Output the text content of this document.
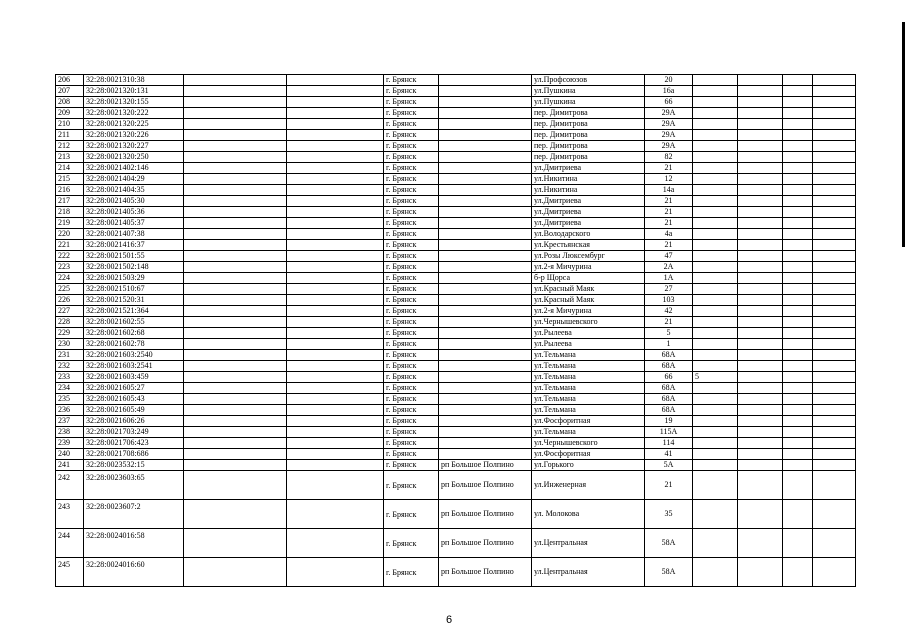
206	32:28:0021310:38			г. Брянск		ул.Профсоюзов	20				
207	32:28:0021320:131			г. Брянск		ул.Пушкина	16а				
208	32:28:0021320:155			г. Брянск		ул.Пушкина	66				
209	32:28:0021320:222			г. Брянск		пер. Димитрова	29А				
210	32:28:0021320:225			г. Брянск		пер. Димитрова	29А				
211	32:28:0021320:226			г. Брянск		пер. Димитрова	29А				
212	32:28:0021320:227			г. Брянск		пер. Димитрова	29А				
213	32:28:0021320:250			г. Брянск		пер. Димитрова	82				
214	32:28:0021402:146			г. Брянск		ул.Дмитриева	21				
215	32:28:0021404:29			г. Брянск		ул.Никитина	12				
216	32:28:0021404:35			г. Брянск		ул.Никитина	14а				
217	32:28:0021405:30			г. Брянск		ул.Дмитриева	21				
218	32:28:0021405:36			г. Брянск		ул.Дмитриева	21				
219	32:28:0021405:37			г. Брянск		ул.Дмитриева	21				
220	32:28:0021407:38			г. Брянск		ул.Володарского	4а				
221	32:28:0021416:37			г. Брянск		ул.Крестьянская	21				
222	32:28:0021501:55			г. Брянск		ул.Розы Люксембург	47				
223	32:28:0021502:148			г. Брянск		ул.2-я Мичурина	2А				
224	32:28:0021503:29			г. Брянск		б-р Щорса	1А				
225	32:28:0021510:67			г. Брянск		ул.Красный Маяк	27				
226	32:28:0021520:31			г. Брянск		ул.Красный Маяк	103				
227	32:28:0021521:364			г. Брянск		ул.2-я Мичурина	42				
228	32:28:0021602:55			г. Брянск		ул.Чернышевского	21				
229	32:28:0021602:68			г. Брянск		ул.Рылеева	5				
230	32:28:0021602:78			г. Брянск		ул.Рылеева	1				
231	32:28:0021603:2540			г. Брянск		ул.Тельмана	68А				
232	32:28:0021603:2541			г. Брянск		ул.Тельмана	68А				
233	32:28:0021603:459			г. Брянск		ул.Тельмана	66	5			
234	32:28:0021605:27			г. Брянск		ул.Тельмана	68А				
235	32:28:0021605:43			г. Брянск		ул.Тельмана	68А				
236	32:28:0021605:49			г. Брянск		ул.Тельмана	68А				
237	32:28:0021606:26			г. Брянск		ул.Фосфоритная	19				
238	32:28:0021703:249			г. Брянск		ул.Тельмана	115А				
239	32:28:0021706:423			г. Брянск		ул.Чернышевского	114				
240	32:28:0021708:686			г. Брянск		ул.Фосфоритная	41				
241	32:28:0023532:15			г. Брянск	рп Большое Полпино	ул.Горького	5А				
242	32:28:0023603:65			г. Брянск	рп Большое Полпино	ул.Инженерная	21				
243	32:28:0023607:2			г. Брянск	рп Большое Полпино	ул. Молокова	35				
244	32:28:0024016:58			г. Брянск	рп Большое Полпино	ул.Центральная	58А				
245	32:28:0024016:60			г. Брянск	рп Большое Полпино	ул.Центральная	58А				
6
